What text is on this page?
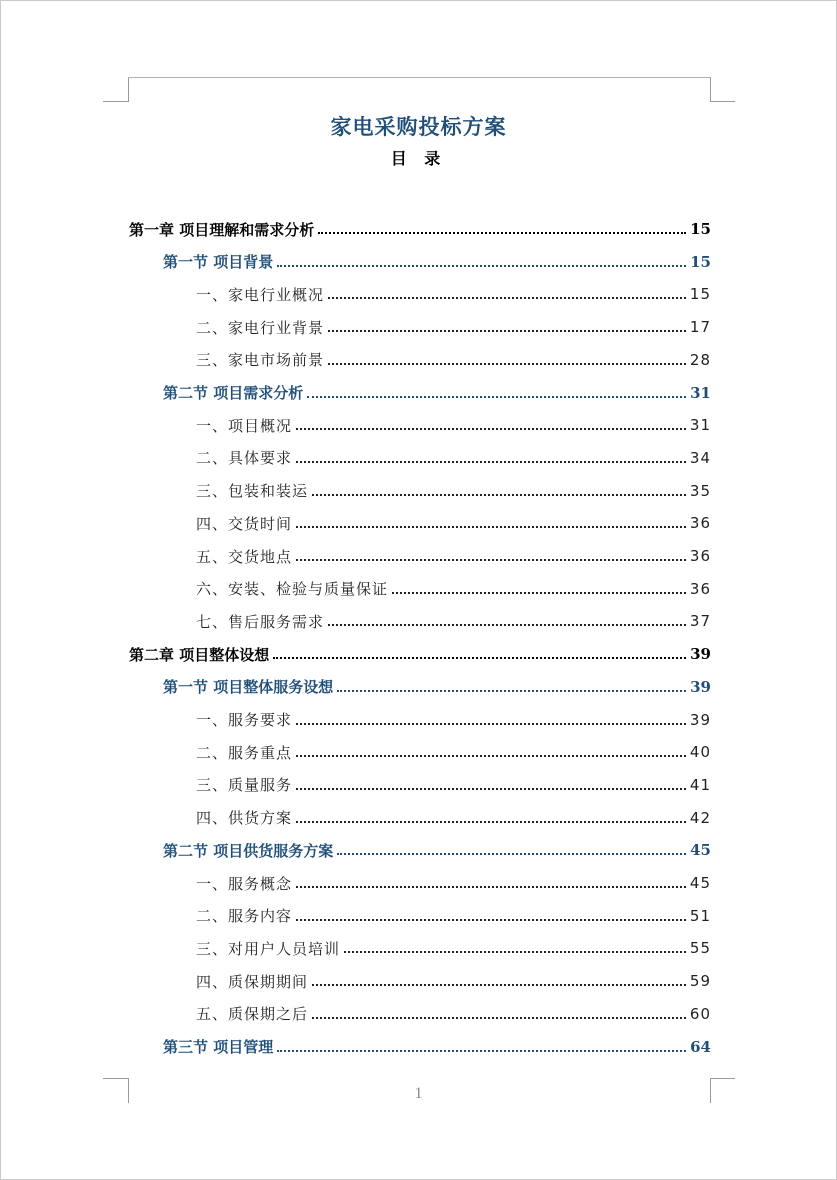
家电采购投标方案
目 录
第一章 项目理解和需求分析	15
第一节 项目背景	15
一、家电行业概况	15
二、家电行业背景	17
三、家电市场前景	28
第二节 项目需求分析	31
一、项目概况	31
二、具体要求	34
三、包装和装运	35
四、交货时间	36
五、交货地点	36
六、安装、检验与质量保证	36
七、售后服务需求	37
第二章 项目整体设想	39
第一节 项目整体服务设想	39
一、服务要求	39
二、服务重点	40
三、质量服务	41
四、供货方案	42
第二节 项目供货服务方案	45
一、服务概念	45
二、服务内容	51
三、对用户人员培训	55
四、质保期期间	59
五、质保期之后	60
第三节 项目管理	64
1
